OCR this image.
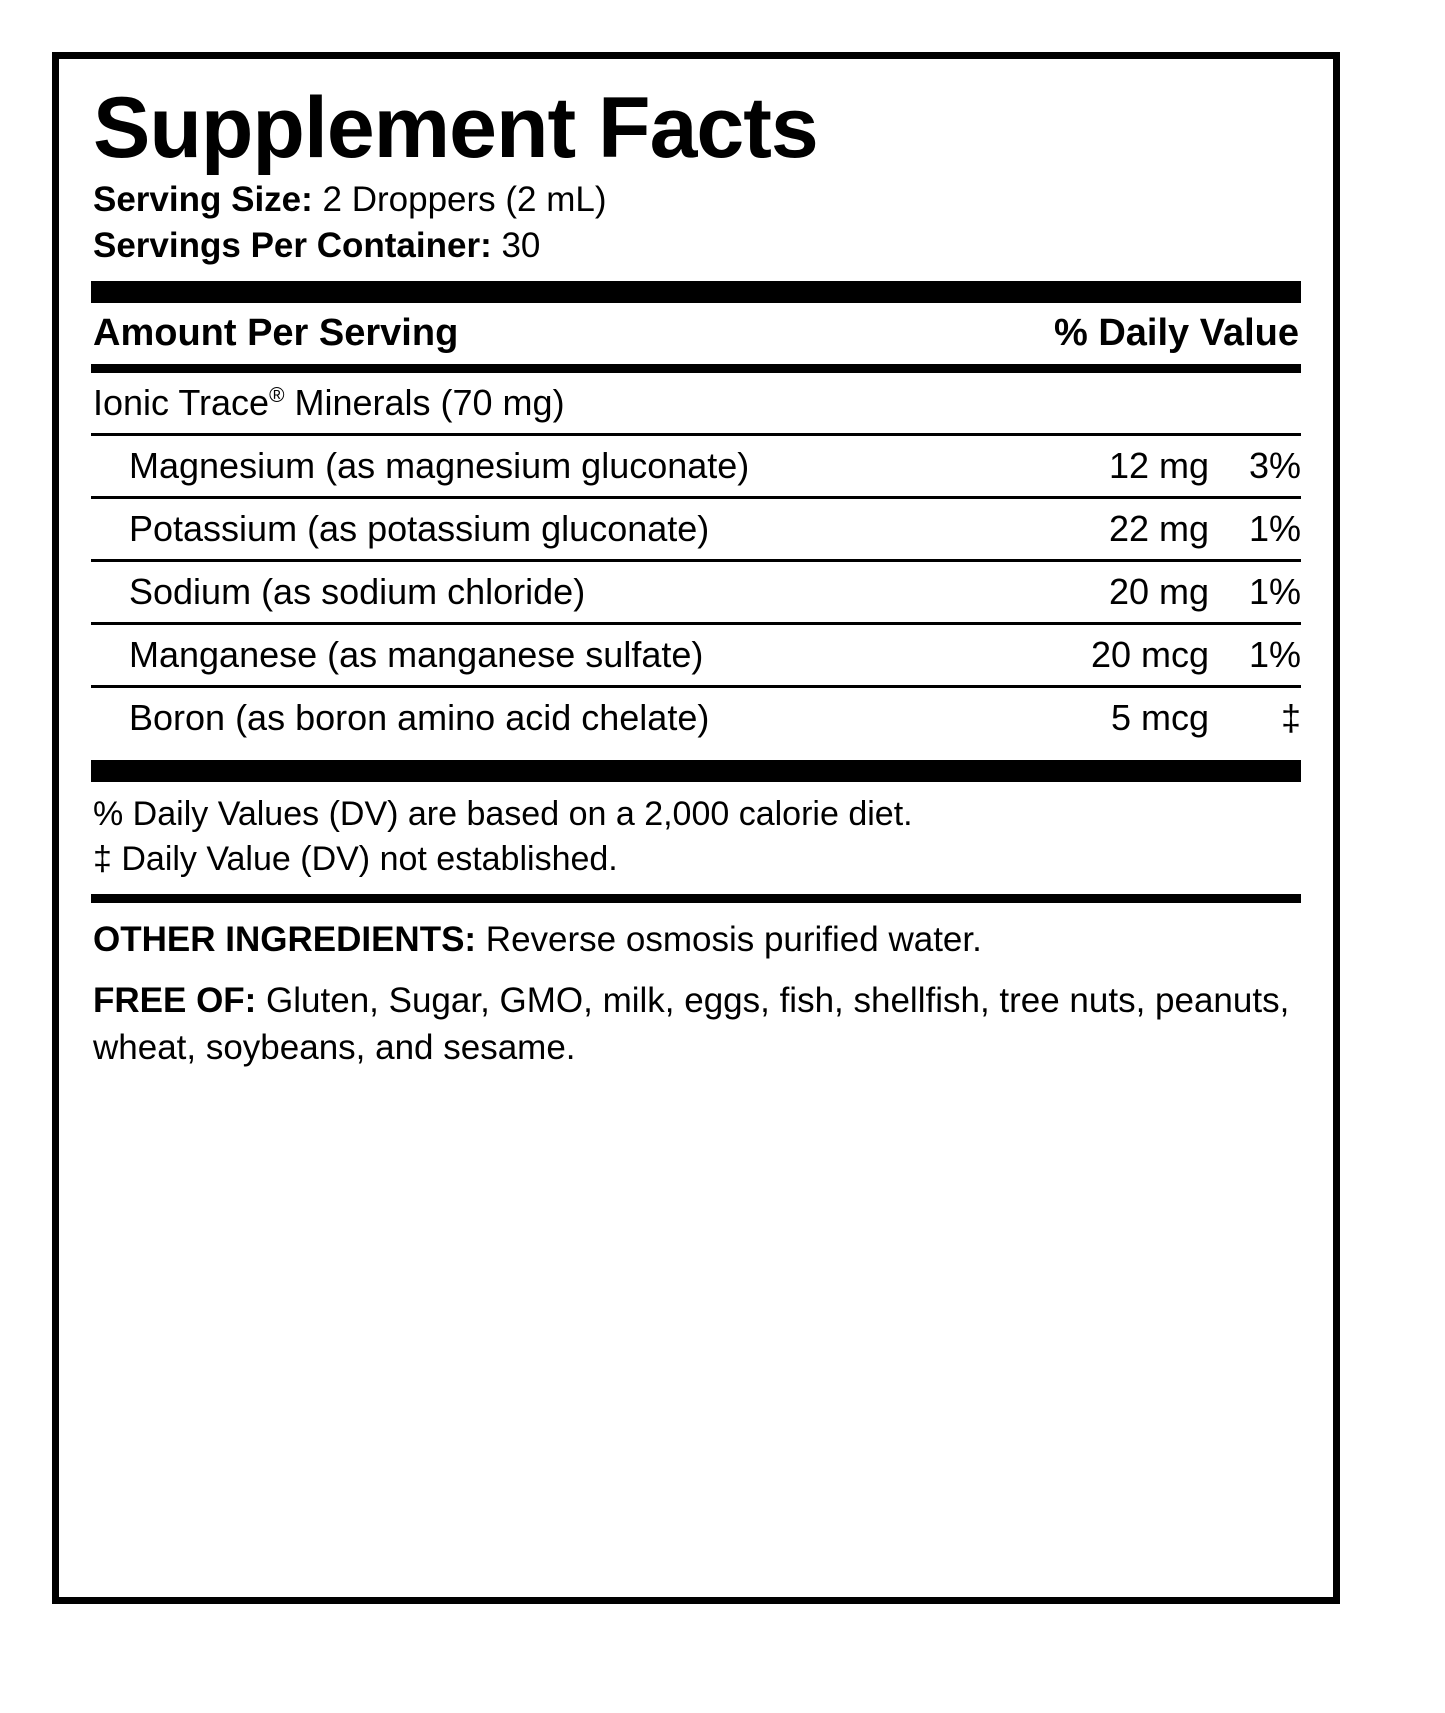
Supplement Facts
Serving Size: 2 Droppers (2 mL)
Servings Per Container: 30
Amount Per Serving	% Daily Value
Ionic Trace® Minerals (70 mg)		
Magnesium (as magnesium gluconate)	12 mg	3%
Potassium (as potassium gluconate)	22 mg	1%
Sodium (as sodium chloride)	20 mg	1%
Manganese (as manganese sulfate)	20 mcg	1%
Boron (as boron amino acid chelate)	5 mcg	‡
% Daily Values (DV) are based on a 2,000 calorie diet.
‡ Daily Value (DV) not established.

OTHER INGREDIENTS: Reverse osmosis purified water.

FREE OF: Gluten, Sugar, GMO, milk, eggs, fish, shellfish, tree nuts, peanuts, wheat, soybeans, and sesame.
